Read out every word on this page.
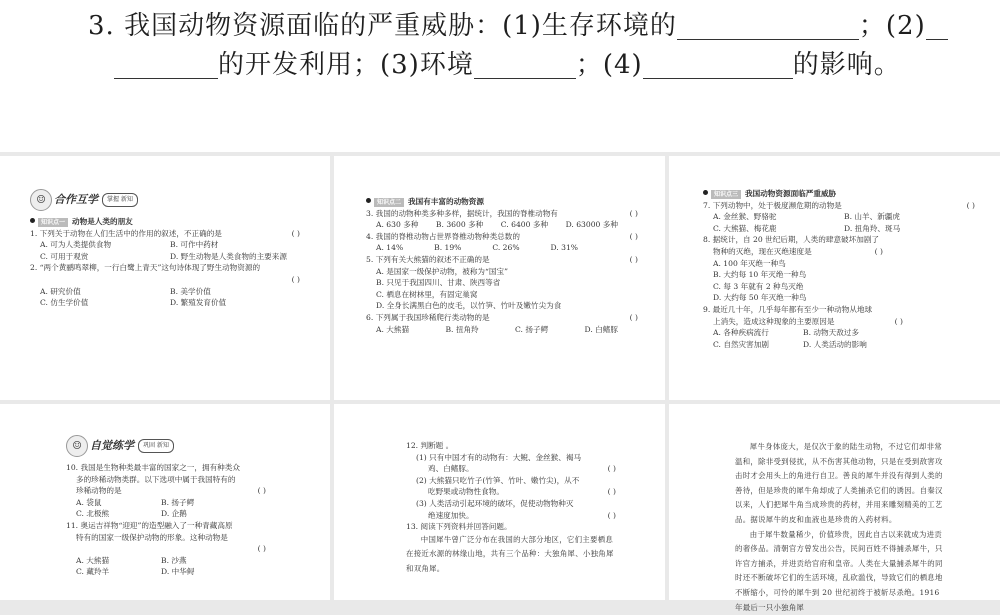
3. 我国动物资源面临的严重威胁：(1)生存环境的	；(2)
的开发利用；(3)环境	；(4)	的影响。
☺ 合作互学	掌握 新知
知识点一 动物是人类的朋友
1. 下列关于动物在人们生活中的作用的叙述，不正确的是	( )
A. 可为人类提供食物	B. 可作中药材
C. 可用于观赏	D. 野生动物是人类食物的主要来源
2. “两个黄鹂鸣翠柳，一行白鹭上青天”这句诗体现了野生动物资源的
( )
A. 研究价值	B. 美学价值
C. 仿生学价值	D. 繁殖发育价值
知识点二 我国有丰富的动物资源
3. 我国的动物种类多种多样，据统计，我国的脊椎动物有	( )
A. 630 多种 B. 3600 多种 C. 6400 多种 D. 63000 多种
4. 我国的脊椎动物占世界脊椎动物种类总数的	( )
A. 14%	B. 19%	C. 26%	D. 31%
5. 下列有关大熊猫的叙述不正确的是	( )
A. 是国家一级保护动物，被称为“国宝”
B. 只见于我国四川、甘肃、陕西等省
C. 栖息在树林里，有固定巢窝
D. 全身长满黑白色的皮毛，以竹笋、竹叶及嫩竹尖为食
6. 下列属于我国珍稀爬行类动物的是	( )
A. 大熊猫	B. 扭角羚	C. 扬子鳄	D. 白鳍豚
知识点三 我国动物资源面临严重威胁
7. 下列动物中，处于极度濒危期的动物是	( )
A. 金丝猴、野骆驼	B. 山羊、新疆虎
C. 大熊猫、梅花鹿	D. 扭角羚、斑马
8. 据统计，自 20 世纪后期，人类的肆意破坏加剧了
物种的灭绝，现在灭绝速度是	( )
A. 100 年灭绝一种鸟
B. 大约每 10 年灭绝一种鸟
C. 每 3 年就有 2 种鸟灭绝
D. 大约每 50 年灭绝一种鸟
9. 最近几十年，几乎每年都有至少一种动物从地球
上消失，造成这种现象的主要原因是	( )
A. 各种疾病流行	B. 动物天敌过多
C. 自然灾害加剧	D. 人类活动的影响
☺ 自觉练学	巩固 新知
10. 我国是生物种类最丰富的国家之一，拥有种类众
多的珍稀动物类群。以下选项中属于我国特有的
珍稀动物的是	( )
A. 袋鼠	B. 扬子鳄
C. 北极熊	D. 企鹅
11. 奥运吉祥物“迎迎”的造型融入了一种青藏高原
特有的国家一级保护动物的形象。这种动物是
( )
A. 大熊猫	B. 沙燕
C. 藏羚羊	D. 中华鲟
12. 判断题 。
(1) 只有中国才有的动物有：大鲵、金丝猴、褐马
鸡、白鳍豚。	( )
(2) 大熊猫只吃竹子(竹笋、竹叶、嫩竹尖)，从不
吃野果或动物性食物。	( )
(3) 人类活动引起环境的破坏，促使动物物种灭
绝速度加快。	( )
13. 阅读下列资料并回答问题。
中国犀牛曾广泛分布在我国的大部分地区，它们主要栖息在接近水源的林缘山地，共有三个品种：大独角犀、小独角犀和双角犀。
犀牛身体庞大，是仅次于象的陆生动物，不过它们却非常温和，除非受到侵扰，从不伤害其他动物，只是在受到敌害攻击时才会用头上的角进行自卫。善良的犀牛并没有得到人类的善待，但是珍贵的犀牛角却成了人类捕杀它们的诱因。自秦汉以来，人们把犀牛角当成珍贵的药材，并用来雕刻精美的工艺品。据说犀牛的皮和血液也是珍贵的入药材料。
由于犀牛数量稀少，价值珍贵，因此自古以来就成为进贡的奢侈品。清朝官方曾发出公告，民间百姓不得捕杀犀牛，只许官方捕杀，并进贡给官府和皇帝。人类在大量捕杀犀牛的同时还不断破坏它们的生活环境，乱砍滥伐，导致它们的栖息地不断缩小，可怜的犀牛到 20 世纪初终于被斩尽杀绝。1916 年最后一只小独角犀
